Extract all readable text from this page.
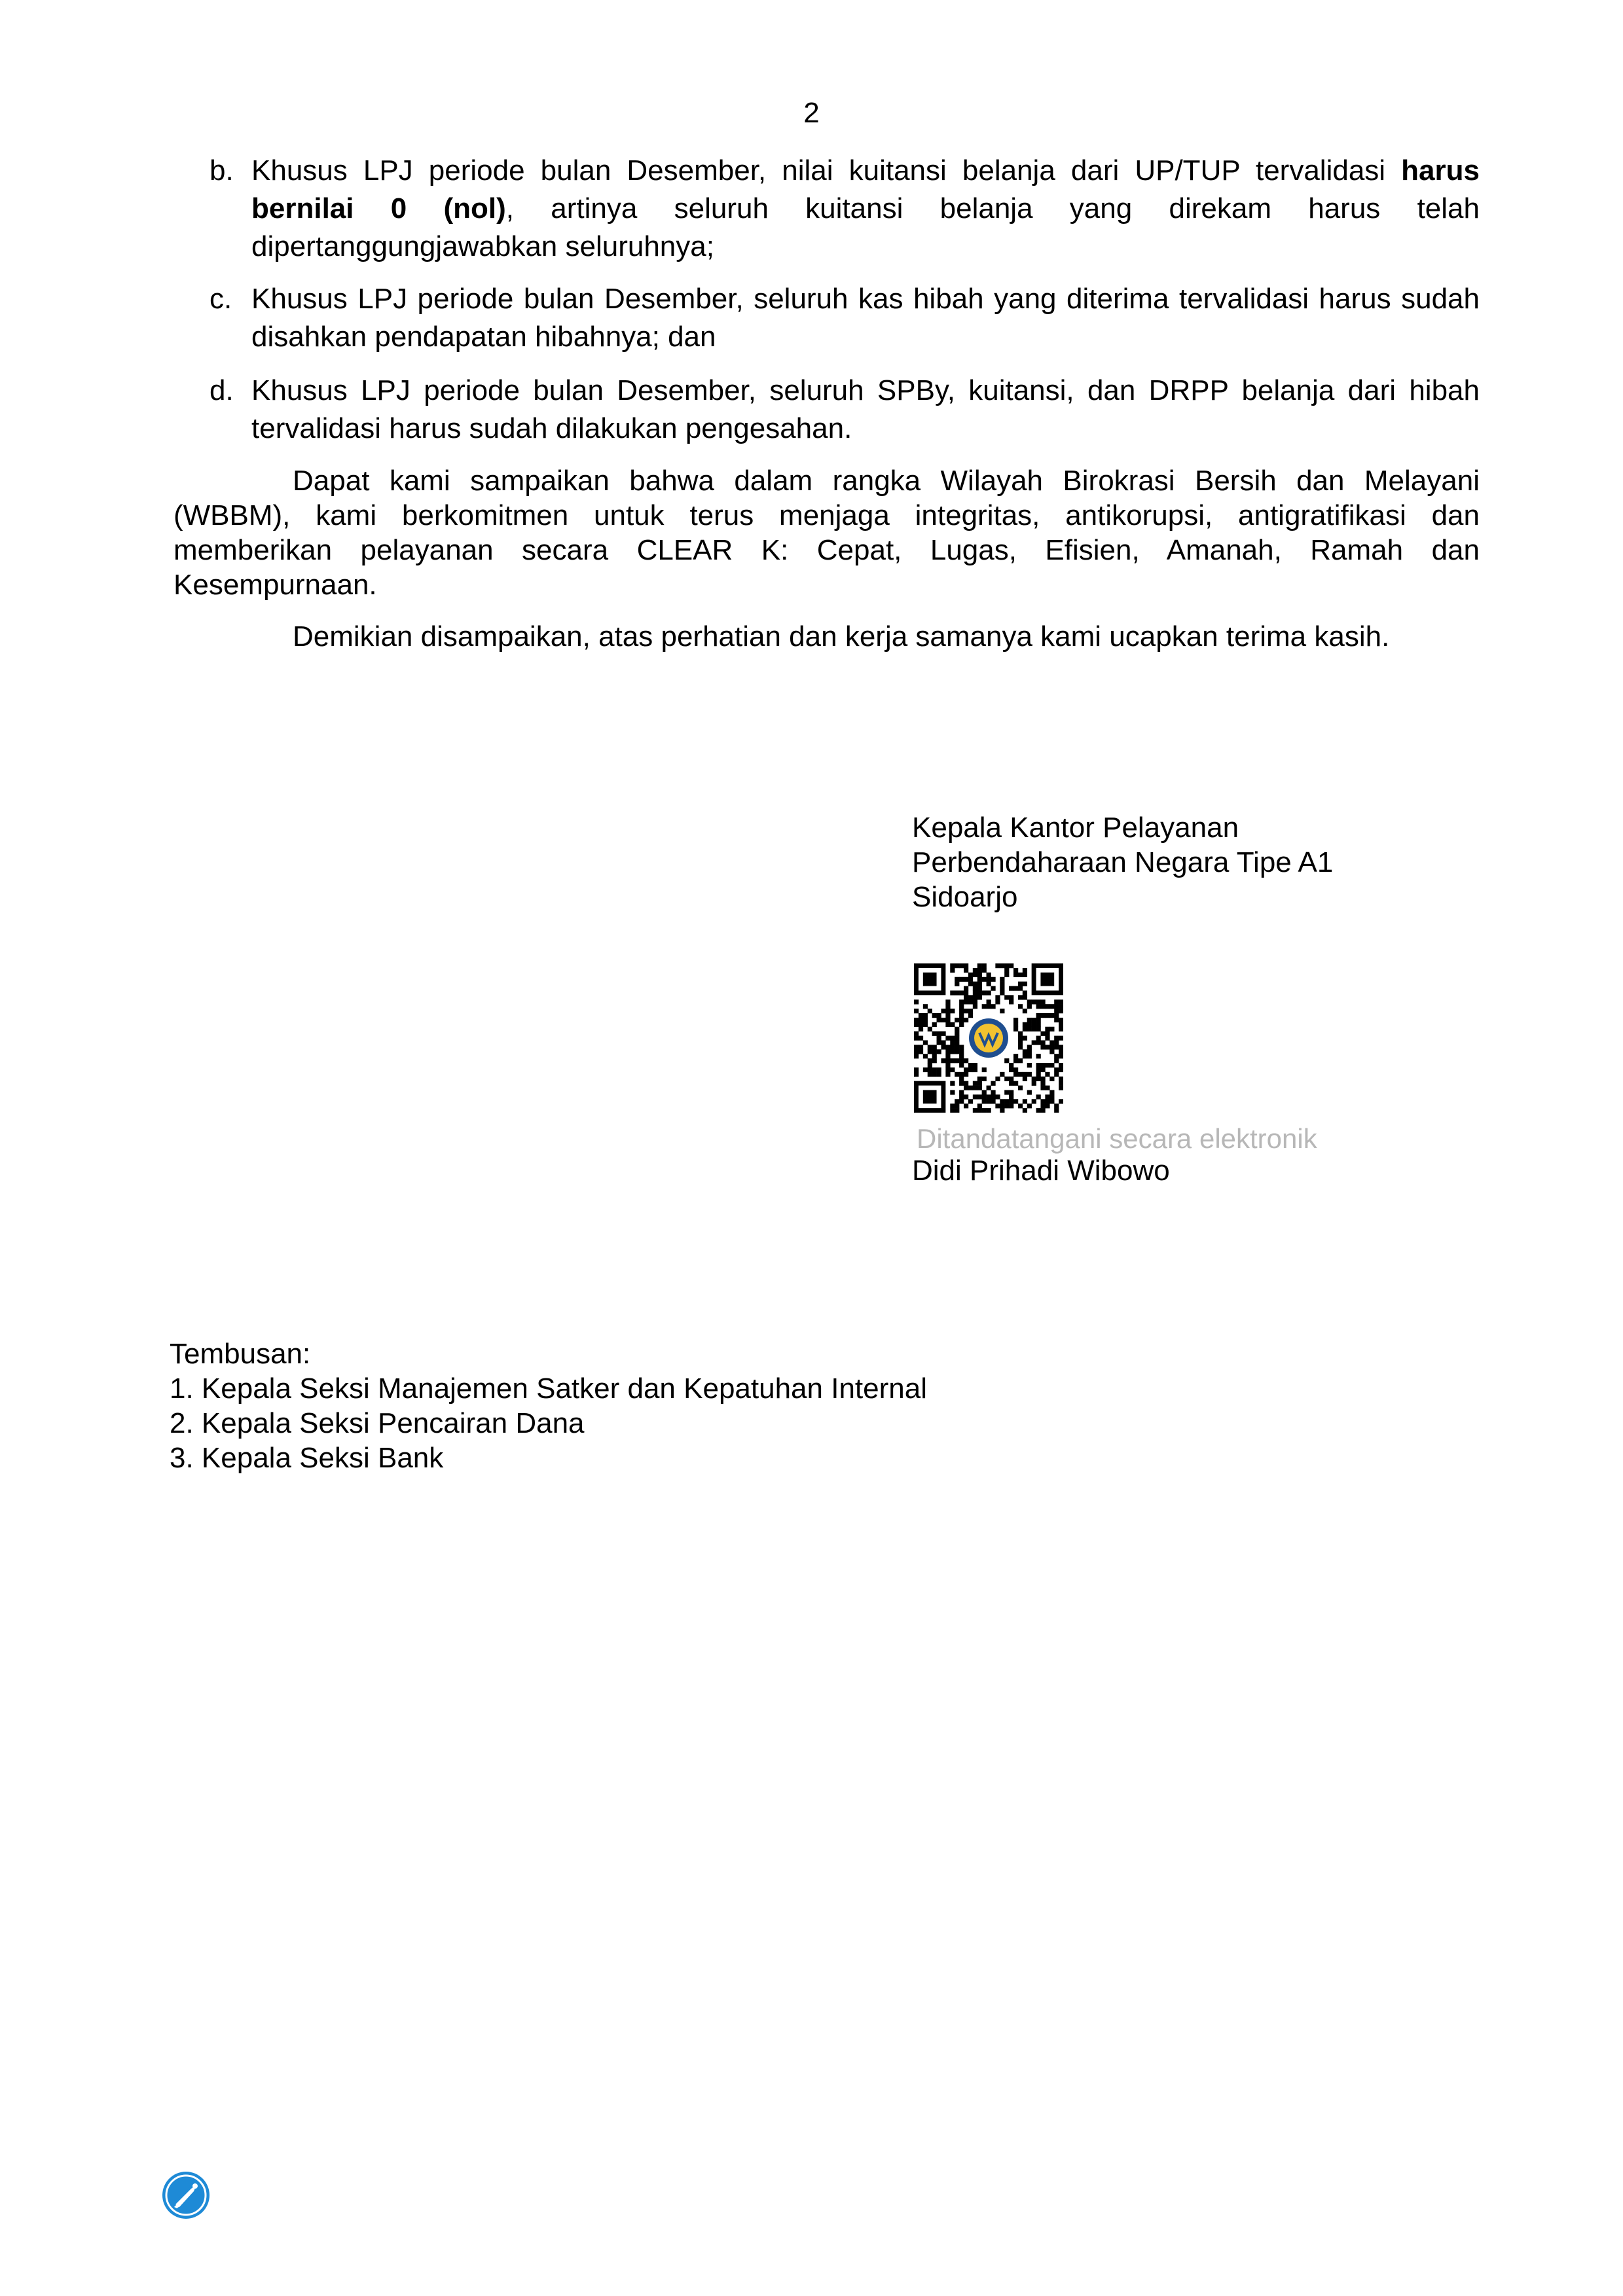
2
b. Khusus LPJ periode bulan Desember, nilai kuitansi belanja dari UP/TUP tervalidasi harus bernilai 0 (nol), artinya seluruh kuitansi belanja yang direkam harus telah dipertanggungjawabkan seluruhnya;
c. Khusus LPJ periode bulan Desember, seluruh kas hibah yang diterima tervalidasi harus sudah disahkan pendapatan hibahnya; dan
d. Khusus LPJ periode bulan Desember, seluruh SPBy, kuitansi, dan DRPP belanja dari hibah tervalidasi harus sudah dilakukan pengesahan.

Dapat kami sampaikan bahwa dalam rangka Wilayah Birokrasi Bersih dan Melayani (WBBM), kami berkomitmen untuk terus menjaga integritas, antikorupsi, antigratifikasi dan memberikan pelayanan secara CLEAR K: Cepat, Lugas, Efisien, Amanah, Ramah dan Kesempurnaan.

Demikian disampaikan, atas perhatian dan kerja samanya kami ucapkan terima kasih.

Kepala Kantor Pelayanan
Perbendaharaan Negara Tipe A1
Sidoarjo
Ditandatangani secara elektronik
Didi Prihadi Wibowo
Tembusan:
1. Kepala Seksi Manajemen Satker dan Kepatuhan Internal
2. Kepala Seksi Pencairan Dana
3. Kepala Seksi Bank
